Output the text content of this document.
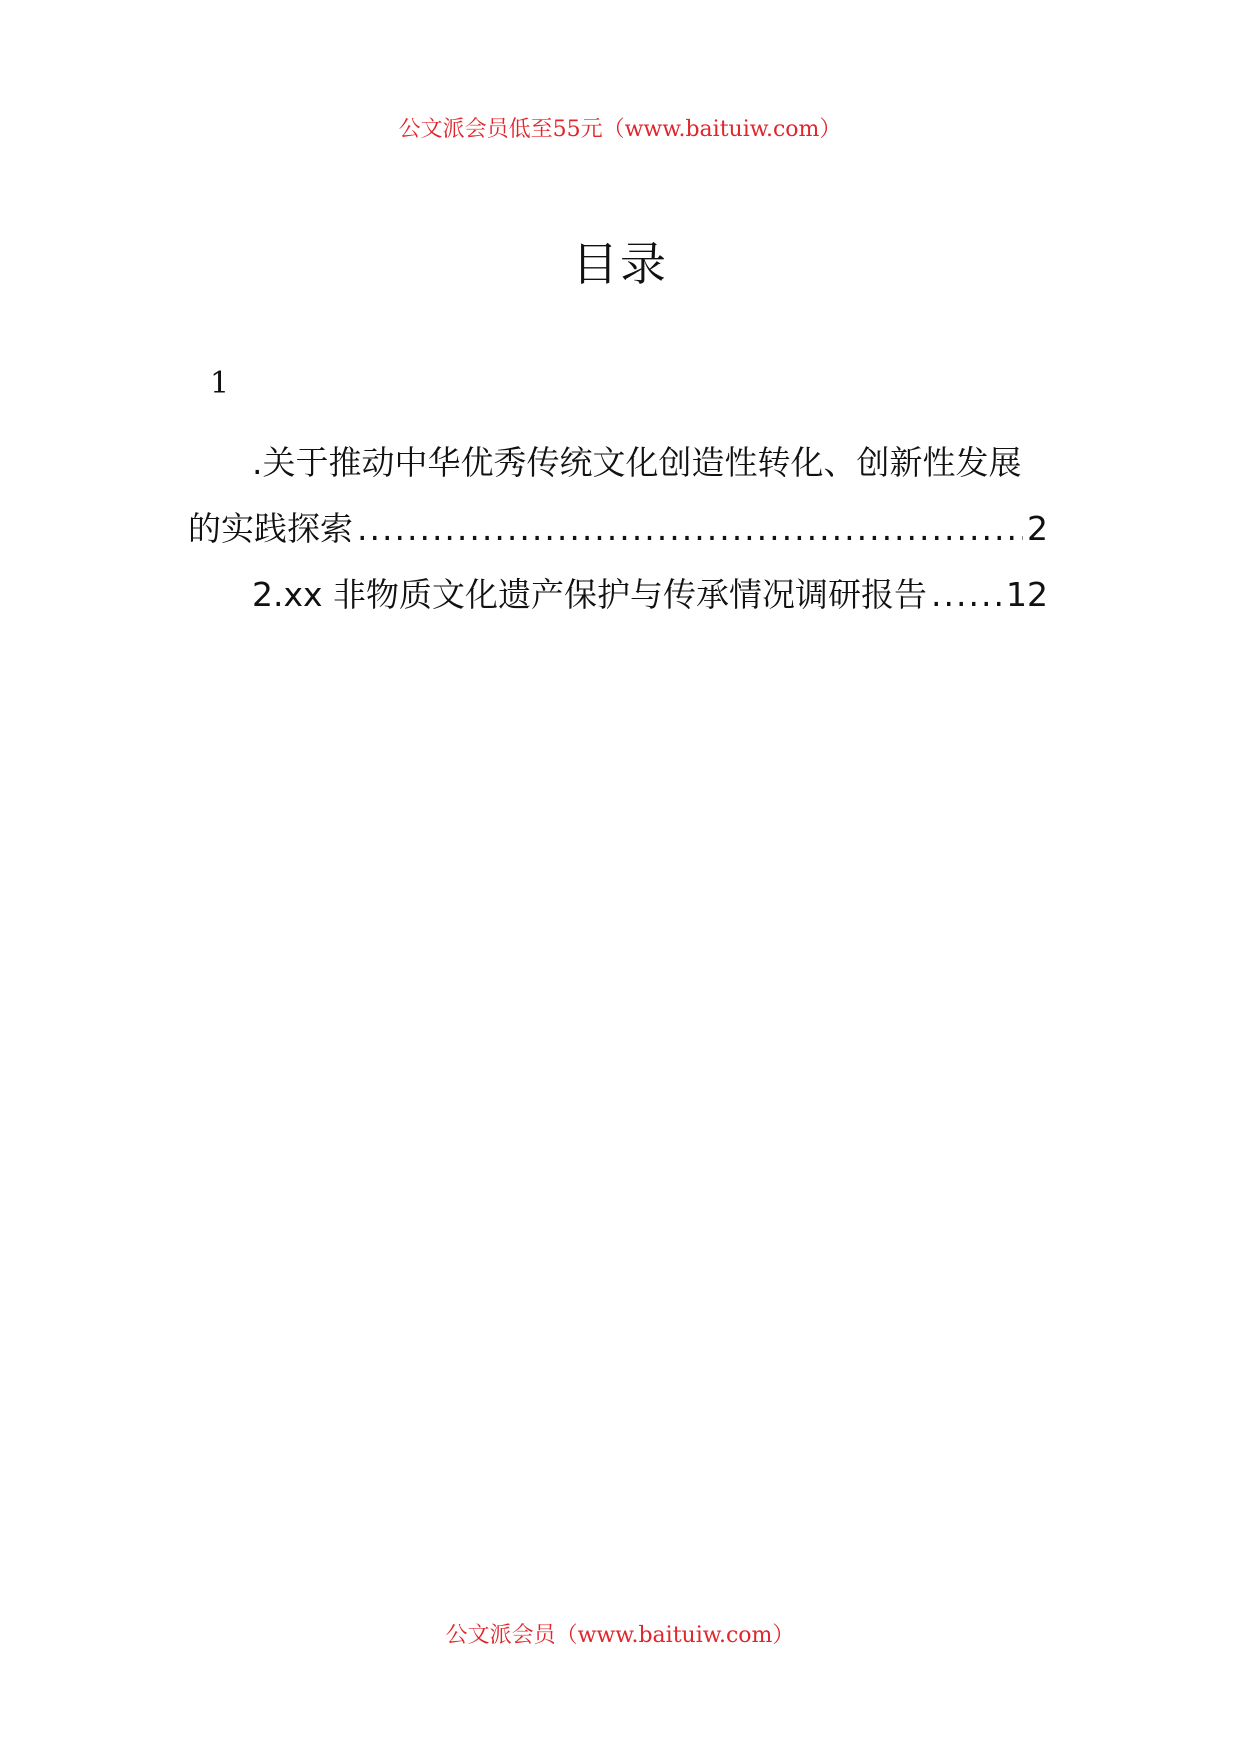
公文派会员低至55元（www.baituiw.com）
目录
1
.关于推动中华优秀传统文化创造性转化、创新性发展
的实践探索 .....	2
2.xx 非物质文化遗产保护与传承情况调研报告 ..... 12
公文派会员（www.baituiw.com）
